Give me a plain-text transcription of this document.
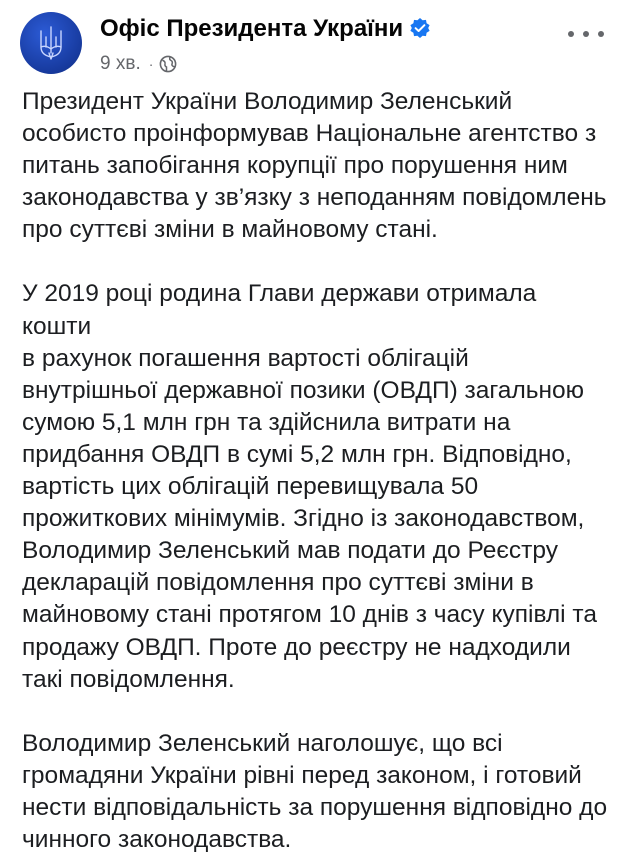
Офіс Президента України
9 хв. ·

Президент України Володимир Зеленський
особисто проінформував Національне агентство з
питань запобігання корупції про порушення ним
законодавства у зв’язку з неподанням повідомлень
про суттєві зміни в майновому стані.

У 2019 році родина Глави держави отримала кошти
в рахунок погашення вартості облігацій
внутрішньої державної позики (ОВДП) загальною
сумою 5,1 млн грн та здійснила витрати на
придбання ОВДП в сумі 5,2 млн грн. Відповідно,
вартість цих облігацій перевищувала 50
прожиткових мінімумів. Згідно із законодавством,
Володимир Зеленський мав подати до Реєстру
декларацій повідомлення про суттєві зміни в
майновому стані протягом 10 днів з часу купівлі та
продажу ОВДП. Проте до реєстру не надходили
такі повідомлення.

Володимир Зеленський наголошує, що всі
громадяни України рівні перед законом, і готовий
нести відповідальність за порушення відповідно до
чинного законодавства.
